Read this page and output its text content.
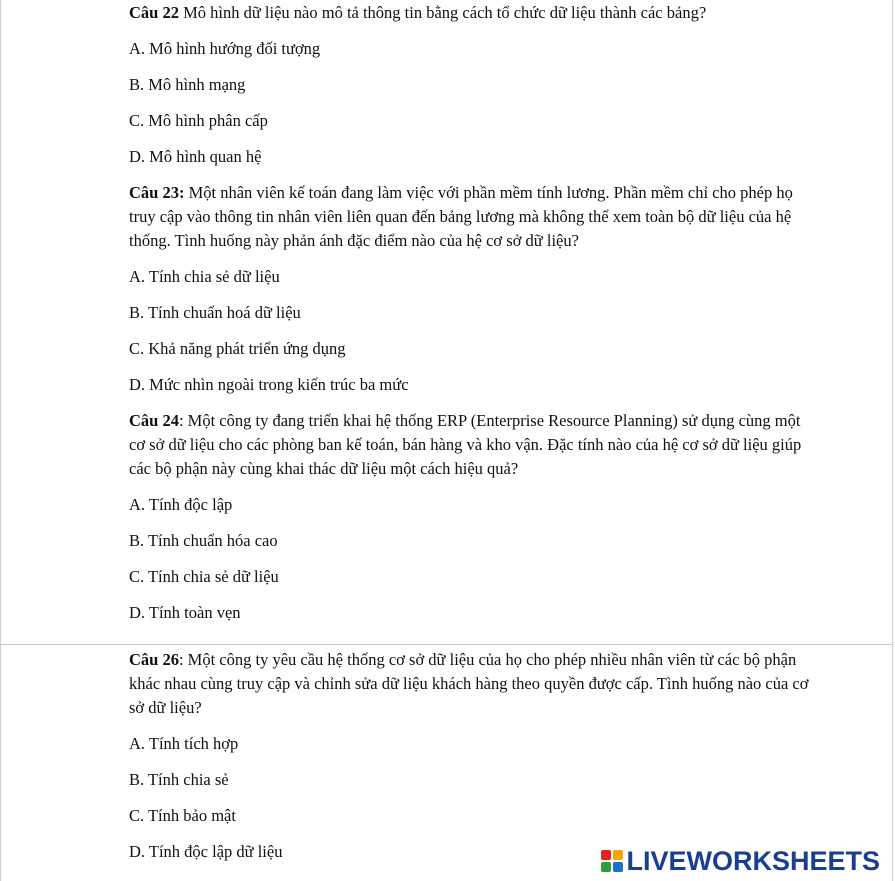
Câu 22 Mô hình dữ liệu nào mô tả thông tin bằng cách tổ chức dữ liệu thành các bảng?

A. Mô hình hướng đối tượng
B. Mô hình mạng
C. Mô hình phân cấp
D. Mô hình quan hệ

Câu 23: Một nhân viên kế toán đang làm việc với phần mềm tính lương. Phần mềm chỉ cho phép họ truy cập vào thông tin nhân viên liên quan đến bảng lương mà không thể xem toàn bộ dữ liệu của hệ thống. Tình huống này phản ánh đặc điểm nào của hệ cơ sở dữ liệu?

A. Tính chia sẻ dữ liệu
B. Tính chuẩn hoá dữ liệu
C. Khả năng phát triển ứng dụng
D. Mức nhìn ngoài trong kiến trúc ba mức

Câu 24: Một công ty đang triển khai hệ thống ERP (Enterprise Resource Planning) sử dụng cùng một cơ sở dữ liệu cho các phòng ban kế toán, bán hàng và kho vận. Đặc tính nào của hệ cơ sở dữ liệu giúp các bộ phận này cùng khai thác dữ liệu một cách hiệu quả?

A. Tính độc lập
B. Tính chuẩn hóa cao
C. Tính chia sẻ dữ liệu
D. Tính toàn vẹn

Câu 26: Một công ty yêu cầu hệ thống cơ sở dữ liệu của họ cho phép nhiều nhân viên từ các bộ phận khác nhau cùng truy cập và chỉnh sửa dữ liệu khách hàng theo quyền được cấp. Tình huống nào của cơ sở dữ liệu?

A. Tính tích hợp
B. Tính chia sẻ
C. Tính bảo mật
D. Tính độc lập dữ liệu	LIVEWORKSHEETS
